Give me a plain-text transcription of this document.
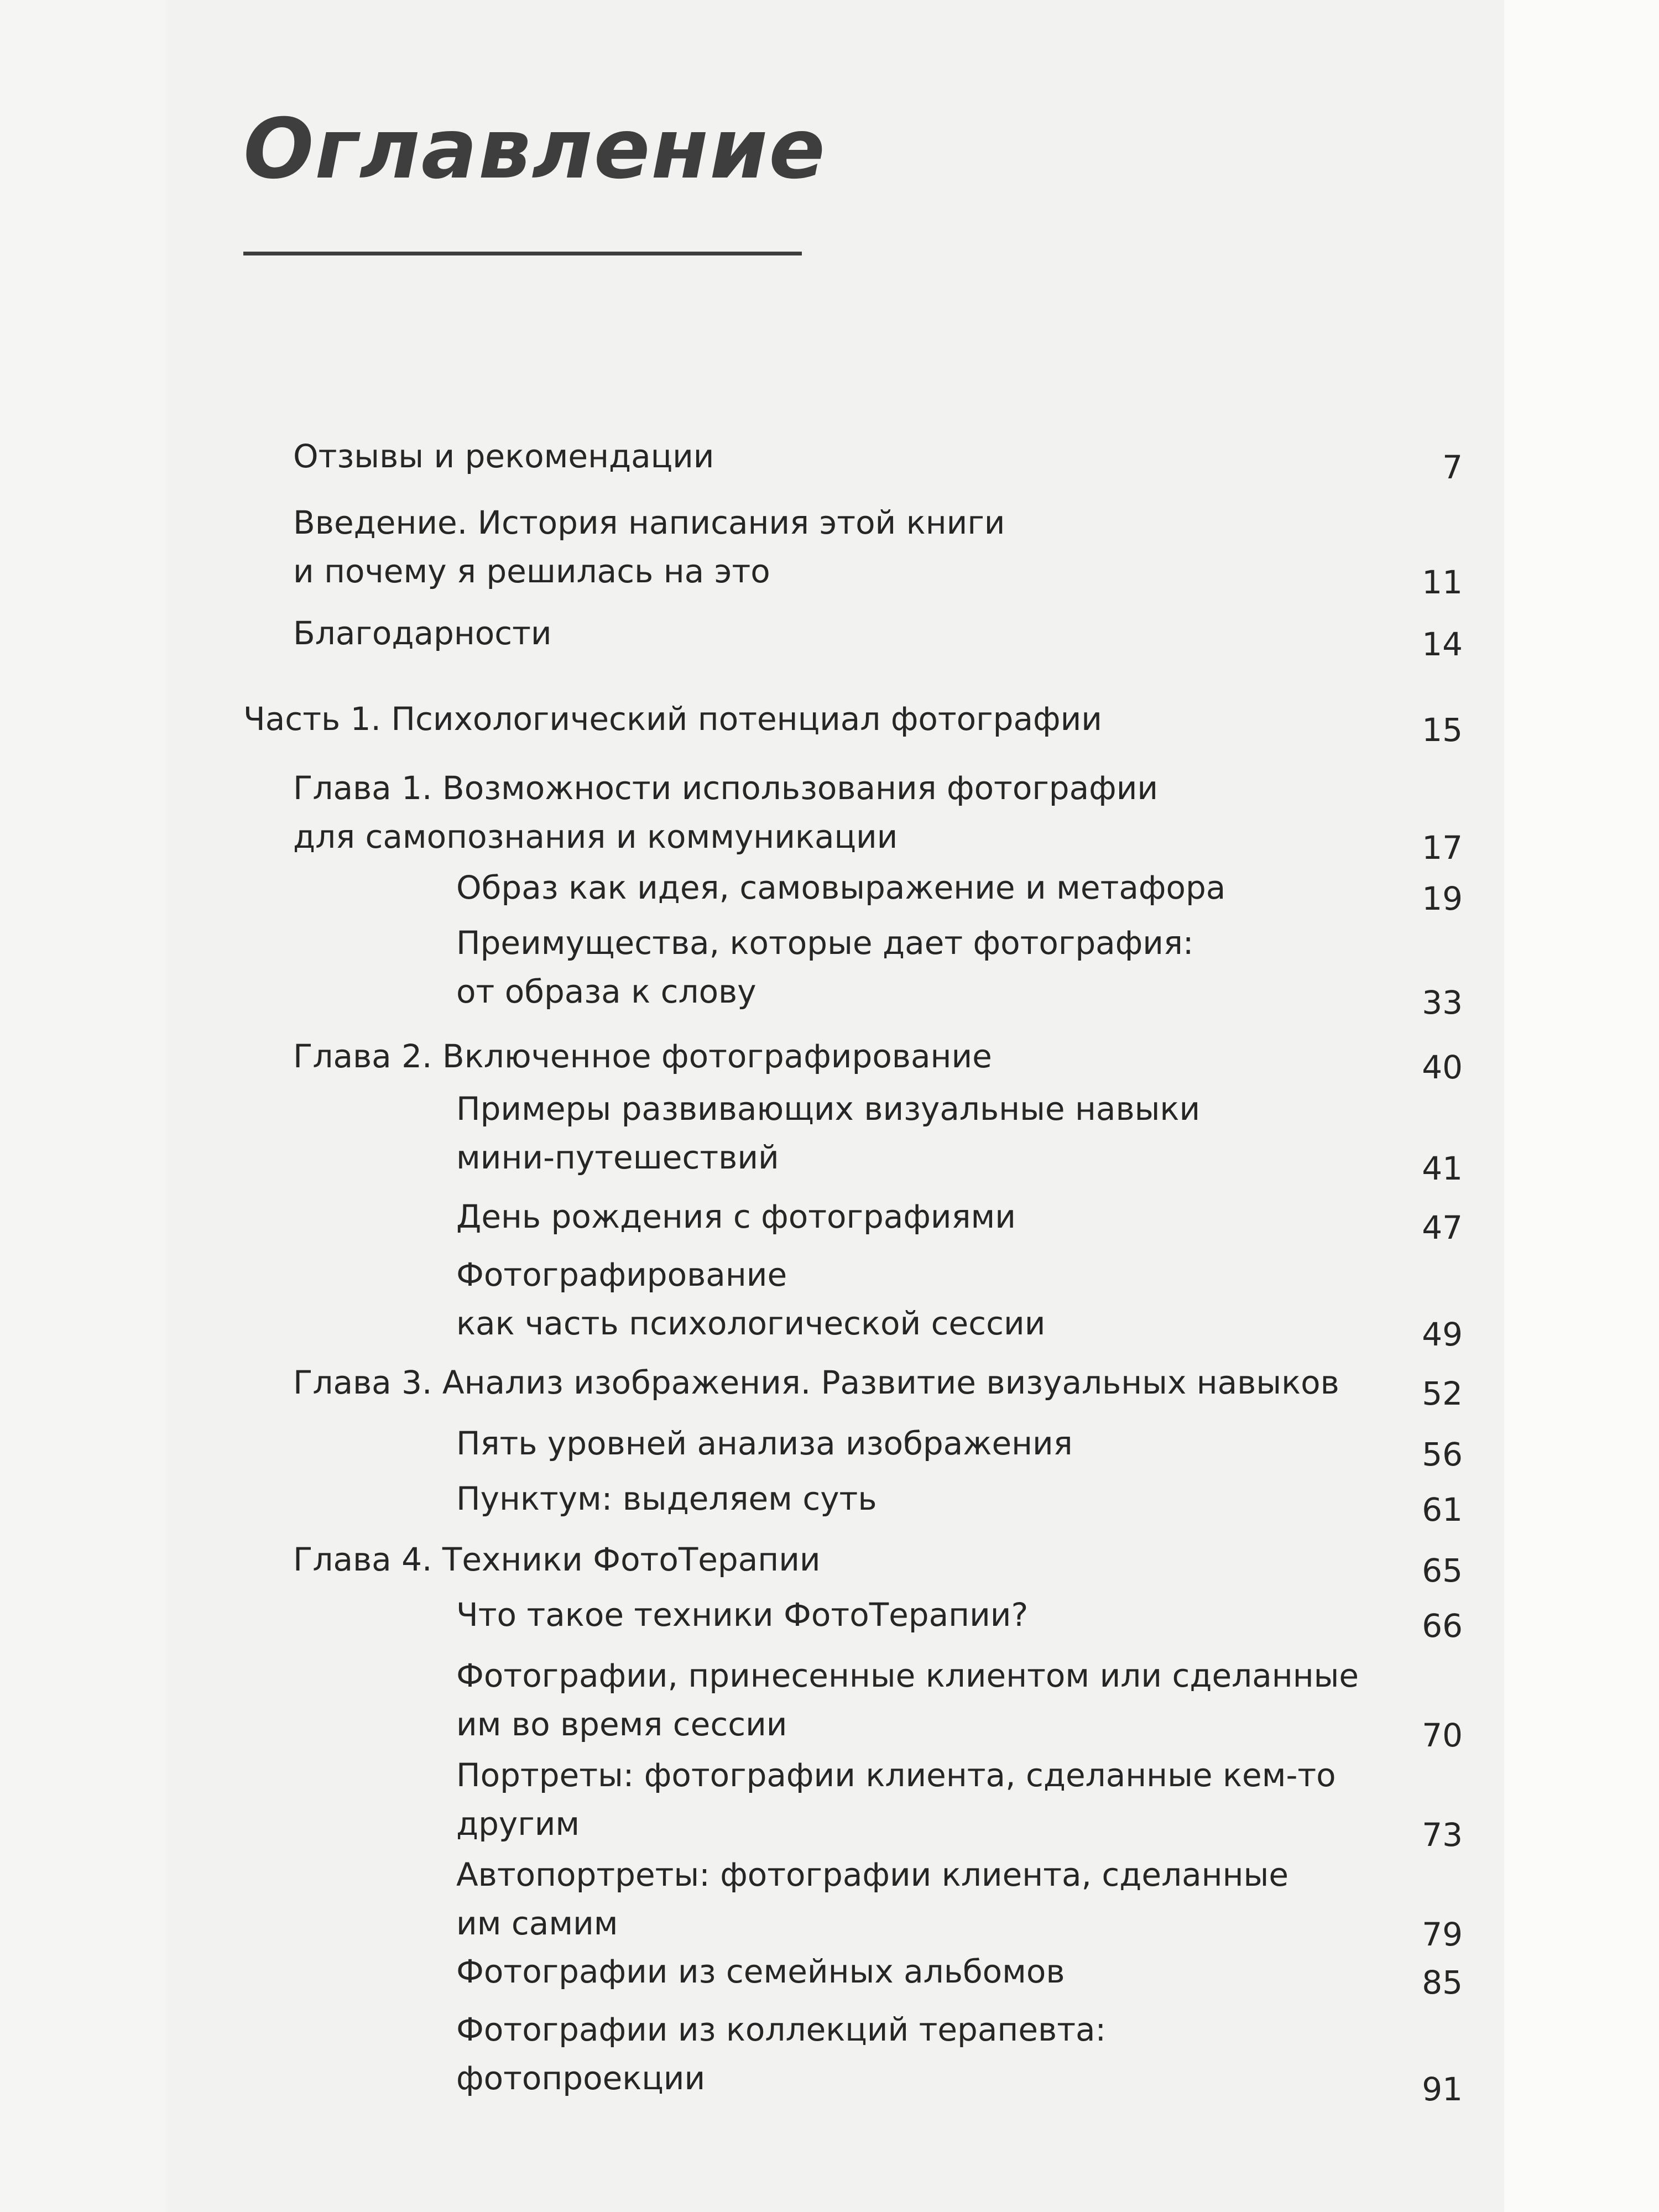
Оглавление
Отзывы и рекомендации	7
Введение. История написания этой книги
и почему я решилась на это	11
Благодарности	14
Часть 1. Психологический потенциал фотографии	15
Глава 1. Возможности использования фотографии
для самопознания и коммуникации	17
Образ как идея, самовыражение и метафора	19
Преимущества, которые дает фотография:
от образа к слову	33
Глава 2. Включенное фотографирование	40
Примеры развивающих визуальные навыки
мини-путешествий	41
День рождения с фотографиями	47
Фотографирование
как часть психологической сессии	49
Глава 3. Анализ изображения. Развитие визуальных навыков	52
Пять уровней анализа изображения	56
Пунктум: выделяем суть	61
Глава 4. Техники ФотоТерапии	65
Что такое техники ФотоТерапии?	66
Фотографии, принесенные клиентом или сделанные
им во время сессии	70
Портреты: фотографии клиента, сделанные кем-то
другим	73
Автопортреты: фотографии клиента, сделанные
им самим	79
Фотографии из семейных альбомов	85
Фотографии из коллекций терапевта:
фотопроекции	91
